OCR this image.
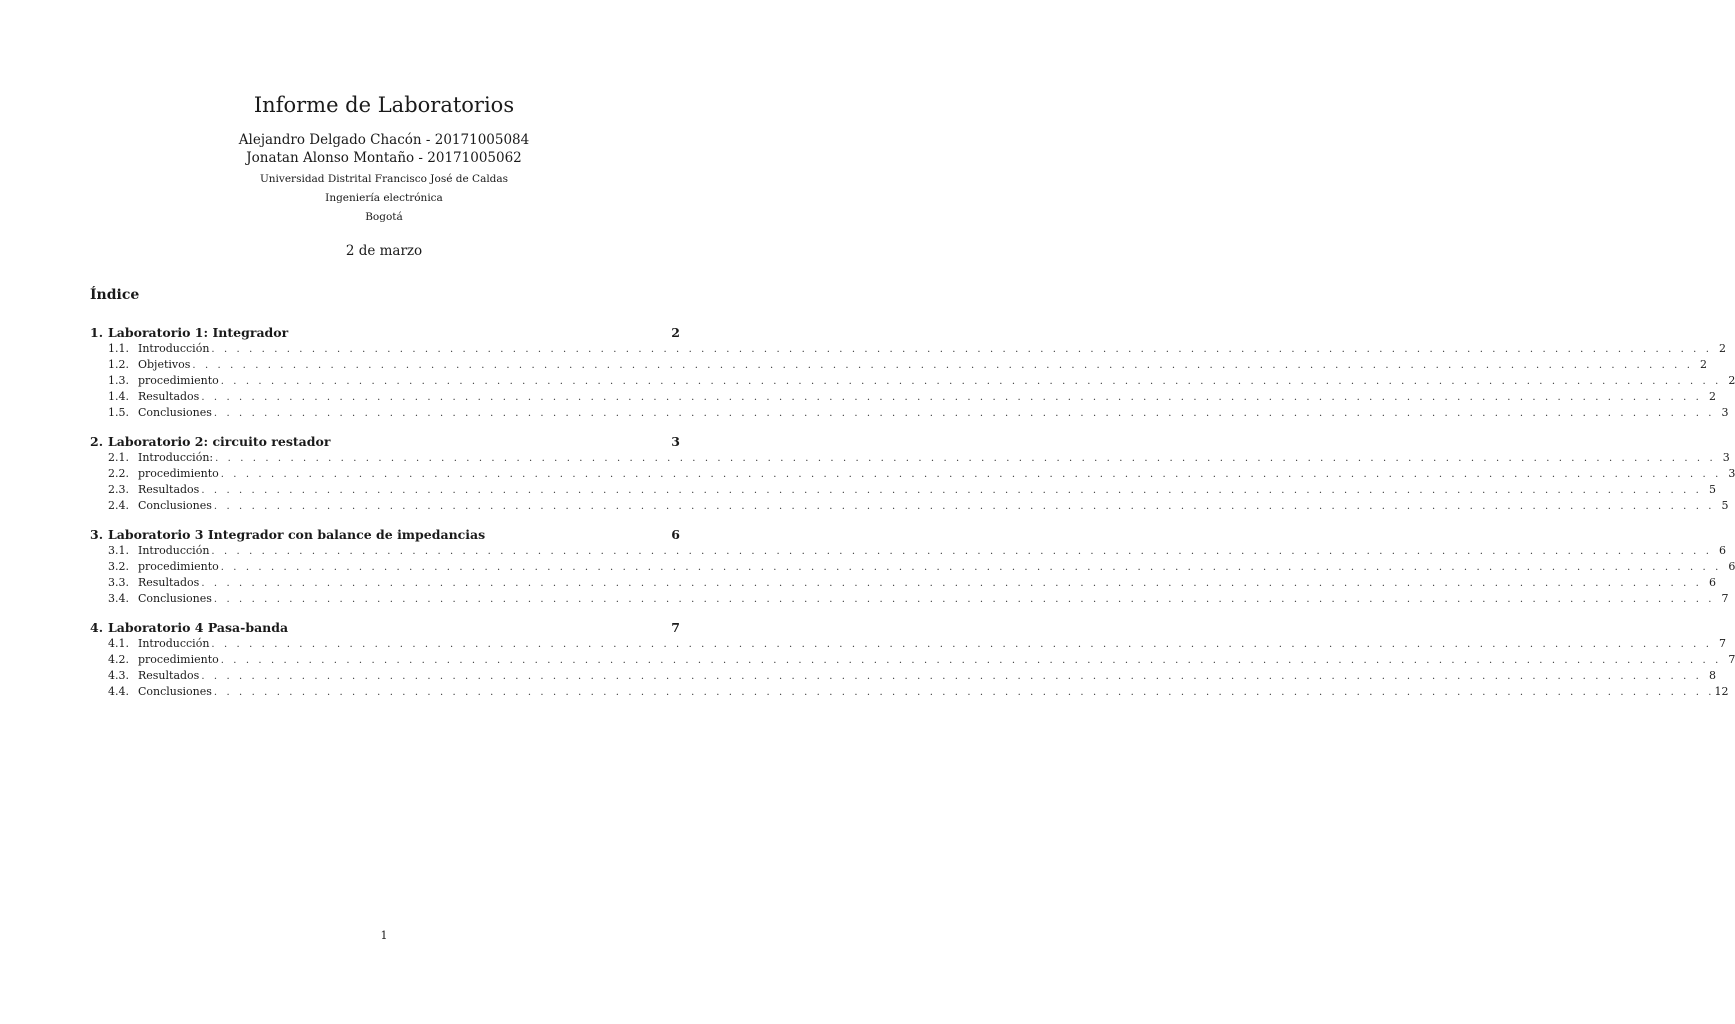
Informe de Laboratorios
Alejandro Delgado Chacón - 20171005084
Jonatan Alonso Montaño - 20171005062
Universidad Distrital Francisco José de Caldas
Ingeniería electrónica
Bogotá
2 de marzo
Índice
1. Laboratorio 1: Integrador	2
1.1. Introducción . . . . . . . . . . . . . . . . . . . . . . . . . . . . . . . . . . . . . . . . . . . . . . . . . . . . . . . . . . . . . . . . . . . . . . . . . . . . . . . . . . . . . . . . . . . . . . . . . . . . . . . . . . . . . . . . . . . . . . . . 2
1.2. Objetivos . . . . . . . . . . . . . . . . . . . . . . . . . . . . . . . . . . . . . . . . . . . . . . . . . . . . . . . . . . . . . . . . . . . . . . . . . . . . . . . . . . . . . . . . . . . . . . . . . . . . . . . . . . . . . . . . . . . . . . . . 2
1.3. procedimiento . . . . . . . . . . . . . . . . . . . . . . . . . . . . . . . . . . . . . . . . . . . . . . . . . . . . . . . . . . . . . . . . . . . . . . . . . . . . . . . . . . . . . . . . . . . . . . . . . . . . . . . . . . . . . . . . . . . . . . . . 2
1.4. Resultados . . . . . . . . . . . . . . . . . . . . . . . . . . . . . . . . . . . . . . . . . . . . . . . . . . . . . . . . . . . . . . . . . . . . . . . . . . . . . . . . . . . . . . . . . . . . . . . . . . . . . . . . . . . . . . . . . . . . . . . . 2
1.5. Conclusiones . . . . . . . . . . . . . . . . . . . . . . . . . . . . . . . . . . . . . . . . . . . . . . . . . . . . . . . . . . . . . . . . . . . . . . . . . . . . . . . . . . . . . . . . . . . . . . . . . . . . . . . . . . . . . . . . . . . . . . . . 3
2. Laboratorio 2: circuito restador	3
2.1. Introducción: . . . . . . . . . . . . . . . . . . . . . . . . . . . . . . . . . . . . . . . . . . . . . . . . . . . . . . . . . . . . . . . . . . . . . . . . . . . . . . . . . . . . . . . . . . . . . . . . . . . . . . . . . . . . . . . . . . . . . . . . 3
2.2. procedimiento . . . . . . . . . . . . . . . . . . . . . . . . . . . . . . . . . . . . . . . . . . . . . . . . . . . . . . . . . . . . . . . . . . . . . . . . . . . . . . . . . . . . . . . . . . . . . . . . . . . . . . . . . . . . . . . . . . . . . . . . 3
2.3. Resultados . . . . . . . . . . . . . . . . . . . . . . . . . . . . . . . . . . . . . . . . . . . . . . . . . . . . . . . . . . . . . . . . . . . . . . . . . . . . . . . . . . . . . . . . . . . . . . . . . . . . . . . . . . . . . . . . . . . . . . . . 5
2.4. Conclusiones . . . . . . . . . . . . . . . . . . . . . . . . . . . . . . . . . . . . . . . . . . . . . . . . . . . . . . . . . . . . . . . . . . . . . . . . . . . . . . . . . . . . . . . . . . . . . . . . . . . . . . . . . . . . . . . . . . . . . . . . 5
3. Laboratorio 3 Integrador con balance de impedancias	6
3.1. Introducción . . . . . . . . . . . . . . . . . . . . . . . . . . . . . . . . . . . . . . . . . . . . . . . . . . . . . . . . . . . . . . . . . . . . . . . . . . . . . . . . . . . . . . . . . . . . . . . . . . . . . . . . . . . . . . . . . . . . . . . . 6
3.2. procedimiento . . . . . . . . . . . . . . . . . . . . . . . . . . . . . . . . . . . . . . . . . . . . . . . . . . . . . . . . . . . . . . . . . . . . . . . . . . . . . . . . . . . . . . . . . . . . . . . . . . . . . . . . . . . . . . . . . . . . . . . . 6
3.3. Resultados . . . . . . . . . . . . . . . . . . . . . . . . . . . . . . . . . . . . . . . . . . . . . . . . . . . . . . . . . . . . . . . . . . . . . . . . . . . . . . . . . . . . . . . . . . . . . . . . . . . . . . . . . . . . . . . . . . . . . . . . 6
3.4. Conclusiones . . . . . . . . . . . . . . . . . . . . . . . . . . . . . . . . . . . . . . . . . . . . . . . . . . . . . . . . . . . . . . . . . . . . . . . . . . . . . . . . . . . . . . . . . . . . . . . . . . . . . . . . . . . . . . . . . . . . . . . . 7
4. Laboratorio 4 Pasa-banda	7
4.1. Introducción . . . . . . . . . . . . . . . . . . . . . . . . . . . . . . . . . . . . . . . . . . . . . . . . . . . . . . . . . . . . . . . . . . . . . . . . . . . . . . . . . . . . . . . . . . . . . . . . . . . . . . . . . . . . . . . . . . . . . . . . 7
4.2. procedimiento . . . . . . . . . . . . . . . . . . . . . . . . . . . . . . . . . . . . . . . . . . . . . . . . . . . . . . . . . . . . . . . . . . . . . . . . . . . . . . . . . . . . . . . . . . . . . . . . . . . . . . . . . . . . . . . . . . . . . . . . 7
4.3. Resultados . . . . . . . . . . . . . . . . . . . . . . . . . . . . . . . . . . . . . . . . . . . . . . . . . . . . . . . . . . . . . . . . . . . . . . . . . . . . . . . . . . . . . . . . . . . . . . . . . . . . . . . . . . . . . . . . . . . . . . . . 8
4.4. Conclusiones . . . . . . . . . . . . . . . . . . . . . . . . . . . . . . . . . . . . . . . . . . . . . . . . . . . . . . . . . . . . . . . . . . . . . . . . . . . . . . . . . . . . . . . . . . . . . . . . . . . . . . . . . . . . . . . . . . . . . . . . 12
1
